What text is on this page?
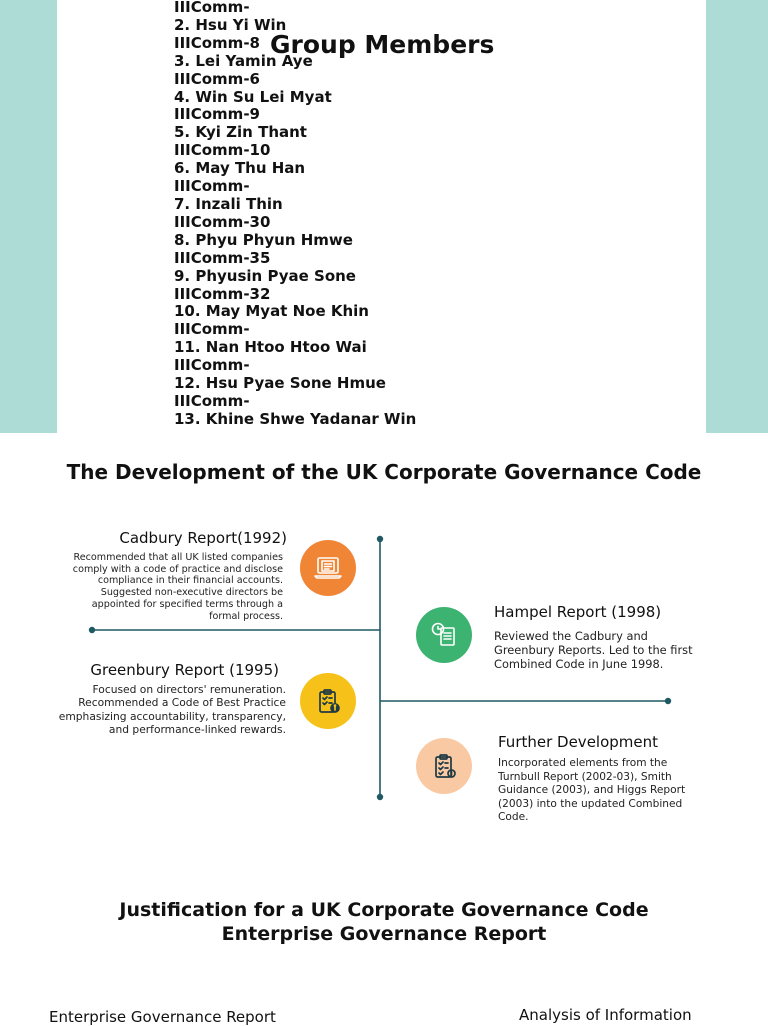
IIIComm-
2. Hsu Yi Win
IIIComm-8
3. Lei Yamin Aye
IIIComm-6
4. Win Su Lei Myat
IIIComm-9
5. Kyi Zin Thant
IIIComm-10
6. May Thu Han
IIIComm-
7. Inzali Thin
IIIComm-30
8. Phyu Phyun Hmwe
IIIComm-35
9. Phyusin Pyae Sone
IIIComm-32
10. May Myat Noe Khin
IIIComm-
11. Nan Htoo Htoo Wai
IIIComm-
12. Hsu Pyae Sone Hmue
IIIComm-
13. Khine Shwe Yadanar Win
Group Members
The Development of the UK Corporate Governance Code

Cadbury Report(1992)

Recommended that all UK listed companies comply with a code of practice and disclose compliance in their financial accounts. Suggested non-executive directors be appointed for specified terms through a formal process.	Hampel Report (1998)

Reviewed the Cadbury and Greenbury Reports. Led to the first Combined Code in June 1998.

Greenbury Report (1995)

Focused on directors' remuneration. Recommended a Code of Best Practice emphasizing accountability, transparency, and performance-linked rewards.

Further Development

Incorporated elements from the Turnbull Report (2002-03), Smith Guidance (2003), and Higgs Report (2003) into the updated Combined Code.

Justification for a UK Corporate Governance Code
Enterprise Governance Report

Enterprise Governance Report	Analysis of Information
